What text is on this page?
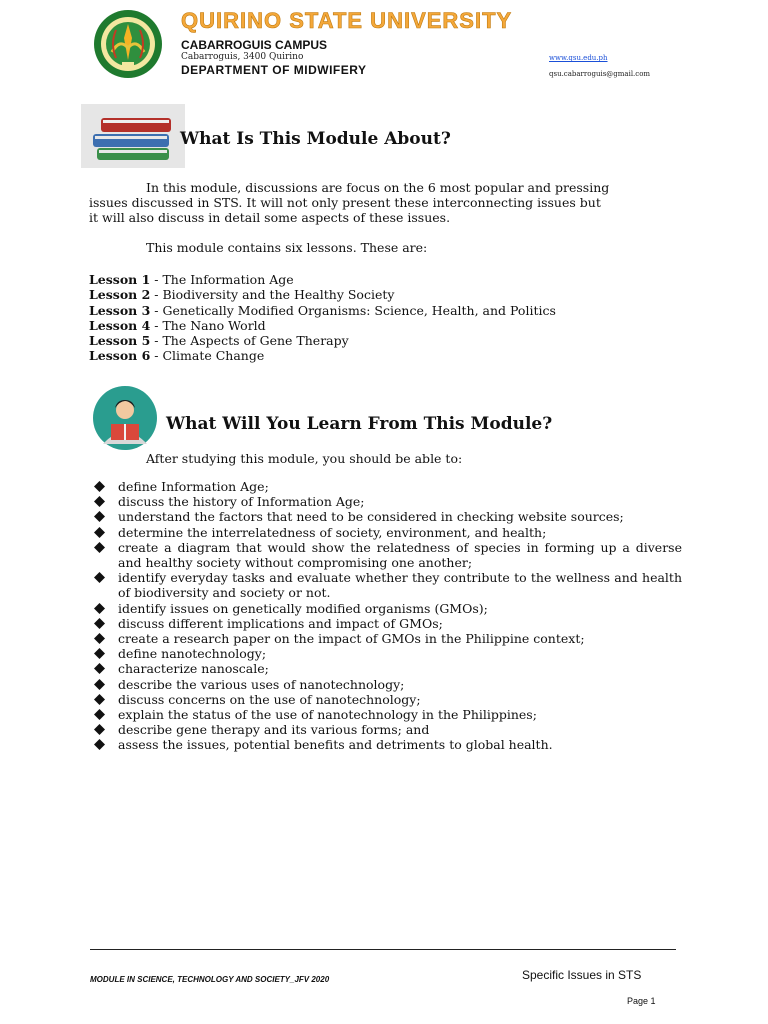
QUIRINO STATE UNIVERSITY
CABARROGUIS CAMPUS
Cabarroguis, 3400 Quirino
DEPARTMENT OF MIDWIFERY
www.qsu.edu.ph
qsu.cabarroguis@gmail.com
What Is This Module About?
In this module, discussions are focus on the 6 most popular and pressing
issues discussed in STS. It will not only present these interconnecting issues but
it will also discuss in detail some aspects of these issues.
This module contains six lessons. These are:
Lesson 1 - The Information Age
Lesson 2 - Biodiversity and the Healthy Society
Lesson 3 - Genetically Modified Organisms: Science, Health, and Politics
Lesson 4 - The Nano World
Lesson 5 - The Aspects of Gene Therapy
Lesson 6 - Climate Change
What Will You Learn From This Module?
After studying this module, you should be able to:
define Information Age;
discuss the history of Information Age;
understand the factors that need to be considered in checking website sources;
determine the interrelatedness of society, environment, and health;
create a diagram that would show the relatedness of species in forming up a diverse and healthy society without compromising one another;
identify everyday tasks and evaluate whether they contribute to the wellness and health of biodiversity and society or not.
identify issues on genetically modified organisms (GMOs);
discuss different implications and impact of GMOs;
create a research paper on the impact of GMOs in the Philippine context;
define nanotechnology;
characterize nanoscale;
describe the various uses of nanotechnology;
discuss concerns on the use of nanotechnology;
explain the status of the use of nanotechnology in the Philippines;
describe gene therapy and its various forms; and
assess the issues, potential benefits and detriments to global health.
MODULE IN SCIENCE, TECHNOLOGY AND SOCIETY_JFV 2020	Specific Issues in STS
Page 1
